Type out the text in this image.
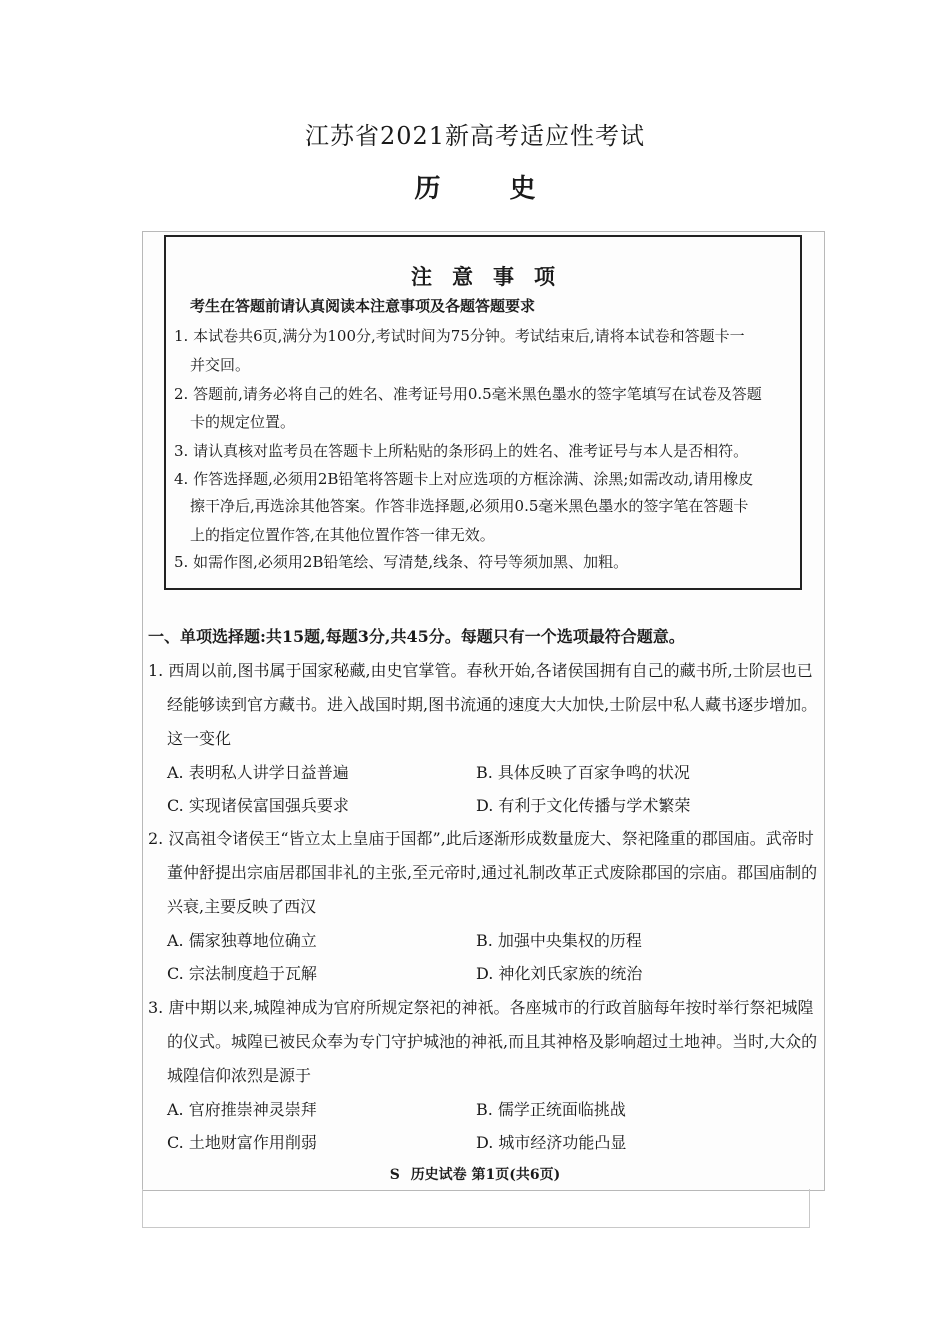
江苏省2021新高考适应性考试
历 史
注意事项
考生在答题前请认真阅读本注意事项及各题答题要求
1. 本试卷共6页,满分为100分,考试时间为75分钟。考试结束后,请将本试卷和答题卡一
并交回。
2. 答题前,请务必将自己的姓名、准考证号用0.5毫米黑色墨水的签字笔填写在试卷及答题
卡的规定位置。
3. 请认真核对监考员在答题卡上所粘贴的条形码上的姓名、准考证号与本人是否相符。
4. 作答选择题,必须用2B铅笔将答题卡上对应选项的方框涂满、涂黑;如需改动,请用橡皮
擦干净后,再选涂其他答案。作答非选择题,必须用0.5毫米黑色墨水的签字笔在答题卡
上的指定位置作答,在其他位置作答一律无效。
5. 如需作图,必须用2B铅笔绘、写清楚,线条、符号等须加黑、加粗。
一、单项选择题:共15题,每题3分,共45分。每题只有一个选项最符合题意。
1. 西周以前,图书属于国家秘藏,由史官掌管。春秋开始,各诸侯国拥有自己的藏书所,士阶层也已
经能够读到官方藏书。进入战国时期,图书流通的速度大大加快,士阶层中私人藏书逐步增加。
这一变化
A. 表明私人讲学日益普遍	B. 具体反映了百家争鸣的状况
C. 实现诸侯富国强兵要求	D. 有利于文化传播与学术繁荣
2. 汉高祖令诸侯王“皆立太上皇庙于国都”,此后逐渐形成数量庞大、祭祀隆重的郡国庙。武帝时
董仲舒提出宗庙居郡国非礼的主张,至元帝时,通过礼制改革正式废除郡国的宗庙。郡国庙制的
兴衰,主要反映了西汉
A. 儒家独尊地位确立	B. 加强中央集权的历程
C. 宗法制度趋于瓦解	D. 神化刘氏家族的统治
3. 唐中期以来,城隍神成为官府所规定祭祀的神祇。各座城市的行政首脑每年按时举行祭祀城隍
的仪式。城隍已被民众奉为专门守护城池的神祇,而且其神格及影响超过土地神。当时,大众的
城隍信仰浓烈是源于
A. 官府推崇神灵崇拜	B. 儒学正统面临挑战
C. 土地财富作用削弱	D. 城市经济功能凸显
S 历史试卷 第1页(共6页)
